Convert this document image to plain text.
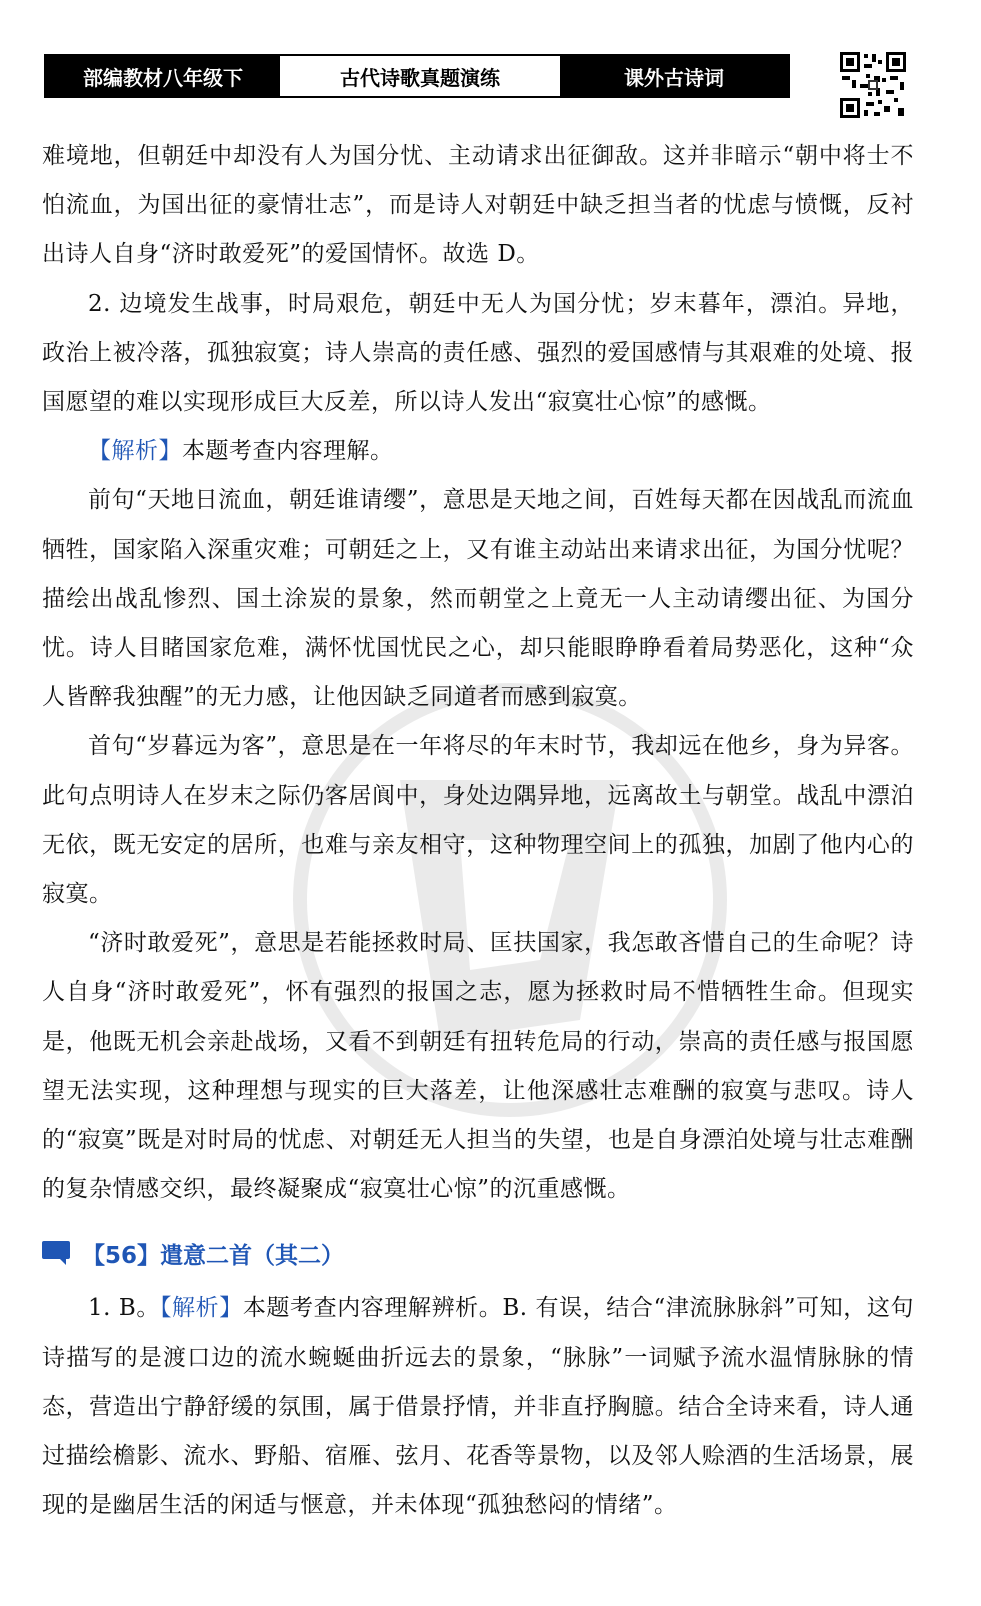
部编教材八年级下	古代诗歌真题演练	课外古诗词

难境地，但朝廷中却没有人为国分忧、主动请求出征御敌。这并非暗示“朝中将士不怕流血，为国出征的豪情壮志”，而是诗人对朝廷中缺乏担当者的忧虑与愤慨，反衬出诗人自身“济时敢爱死”的爱国情怀。故选 D。

2. 边境发生战事，时局艰危，朝廷中无人为国分忧；岁末暮年，漂泊。异地，政治上被冷落，孤独寂寞；诗人崇高的责任感、强烈的爱国感情与其艰难的处境、报国愿望的难以实现形成巨大反差，所以诗人发出“寂寞壮心惊”的感慨。

【解析】本题考查内容理解。

前句“天地日流血，朝廷谁请缨”，意思是天地之间，百姓每天都在因战乱而流血牺牲，国家陷入深重灾难；可朝廷之上，又有谁主动站出来请求出征，为国分忧呢？描绘出战乱惨烈、国土涂炭的景象，然而朝堂之上竟无一人主动请缨出征、为国分忧。诗人目睹国家危难，满怀忧国忧民之心，却只能眼睁睁看着局势恶化，这种“众人皆醉我独醒”的无力感，让他因缺乏同道者而感到寂寞。

首句“岁暮远为客”，意思是在一年将尽的年末时节，我却远在他乡，身为异客。此句点明诗人在岁末之际仍客居阆中，身处边隅异地，远离故土与朝堂。战乱中漂泊无依，既无安定的居所，也难与亲友相守，这种物理空间上的孤独，加剧了他内心的寂寞。

“济时敢爱死”，意思是若能拯救时局、匡扶国家，我怎敢吝惜自己的生命呢？诗人自身“济时敢爱死”，怀有强烈的报国之志，愿为拯救时局不惜牺牲生命。但现实是，他既无机会亲赴战场，又看不到朝廷有扭转危局的行动，崇高的责任感与报国愿望无法实现，这种理想与现实的巨大落差，让他深感壮志难酬的寂寞与悲叹。诗人的“寂寞”既是对时局的忧虑、对朝廷无人担当的失望，也是自身漂泊处境与壮志难酬的复杂情感交织，最终凝聚成“寂寞壮心惊”的沉重感慨。

【56】遣意二首（其二）

1. B。【解析】本题考查内容理解辨析。B. 有误，结合“津流脉脉斜”可知，这句诗描写的是渡口边的流水蜿蜒曲折远去的景象，“脉脉”一词赋予流水温情脉脉的情态，营造出宁静舒缓的氛围，属于借景抒情，并非直抒胸臆。结合全诗来看，诗人通过描绘檐影、流水、野船、宿雁、弦月、花香等景物，以及邻人赊酒的生活场景，展现的是幽居生活的闲适与惬意，并未体现“孤独愁闷的情绪”。
